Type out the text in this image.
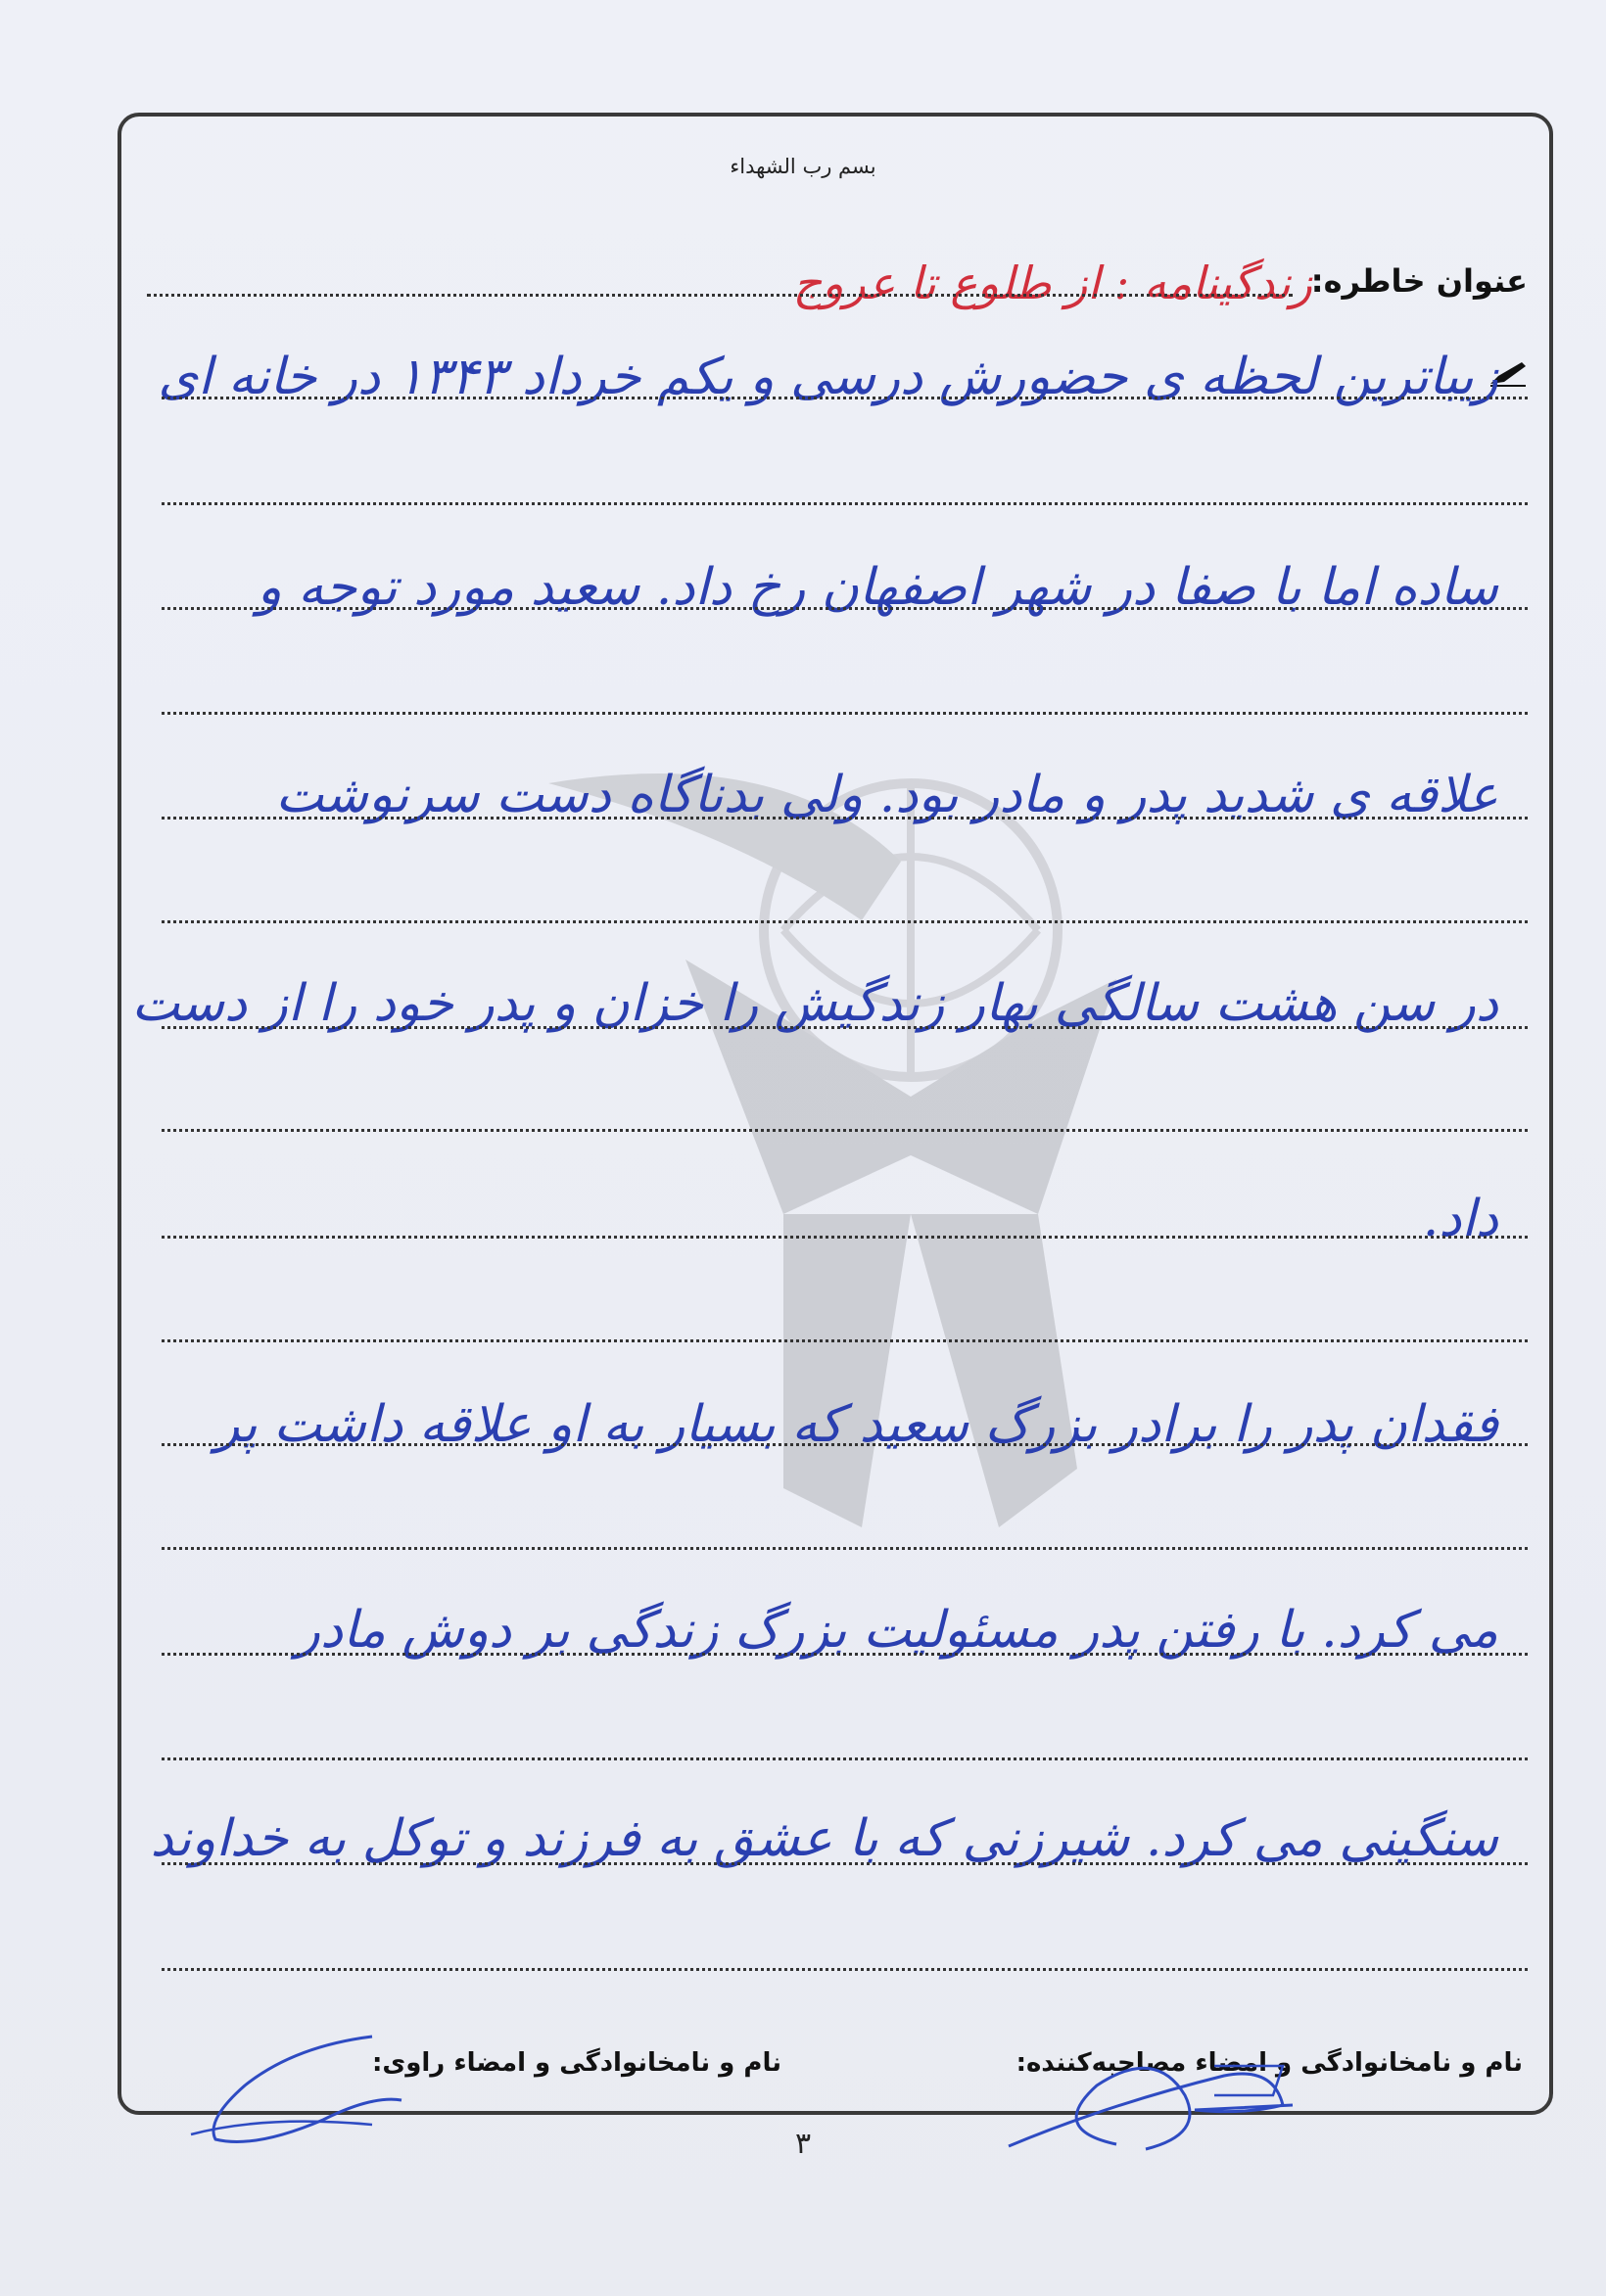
بسم رب الشهداء
عنوان خاطره:
زندگینامه : از طلوع تا عروج
زیباترین لحظه ی حضورش درسی و یکم خرداد ۱۳۴۳ در خانه ای
ساده اما با صفا در شهر اصفهان رخ داد. سعید مورد توجه و
علاقه ی شدید پدر و مادر بود. ولی بدناگاه دست سرنوشت
در سن هشت سالگی بهار زندگیش را خزان و پدر خود را از دست
داد.
فقدان پدر را برادر بزرگ سعید که بسیار به او علاقه داشت پر
می کرد. با رفتن پدر مسئولیت بزرگ زندگی بر دوش مادر
سنگینی می کرد. شیرزنی که با عشق به فرزند و توکل به خداوند
نام و نامخانوادگی و امضاء مصاحبه‌کننده:
نام و نامخانوادگی و امضاء راوی:
۳
